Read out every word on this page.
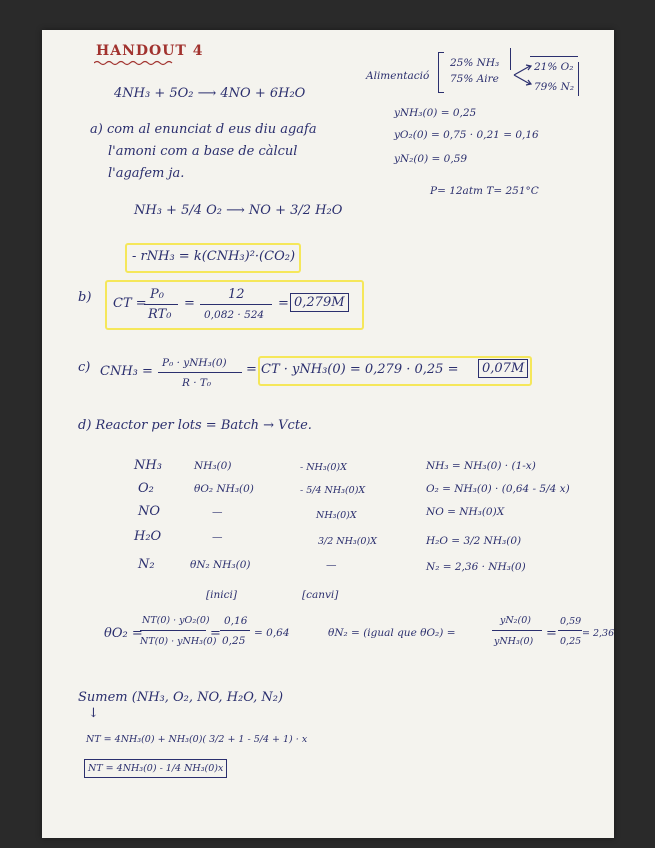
HANDOUT 4
4NH₃ + 5O₂ ⟶ 4NO + 6H₂O
Alimentació
25% NH₃
75% Aire
21% O₂
79% N₂
yNH₃(0) = 0,25
yO₂(0) = 0,75 · 0,21 = 0,16
yN₂(0) = 0,59
P= 12atm T= 251°C
a) com al enunciat d eus diu agafa
l'amoni com a base de càlcul
l'agafem ja.
NH₃ + 5/4 O₂ ⟶ NO + 3/2 H₂O
- rNH₃ = k(CNH₃)²·(CO₂)
b) CT =
P₀
RT₀
=
12
0,082 · 524
= 0,279M
c) CNH₃ =
P₀ · yNH₃(0)
R · T₀
= CT · yNH₃(0) = 0,279 · 0,25 =	0,07M
d) Reactor per lots = Batch → Vcte.
NH₃	NH₃(0)	- NH₃(0)X	NH₃ = NH₃(0) · (1-x)
O₂	θO₂ NH₃(0)	- 5/4 NH₃(0)X	O₂ = NH₃(0) · (0,64 - 5/4 x)
NO	—	NH₃(0)X	NO = NH₃(0)X
H₂O	—	3/2 NH₃(0)X	H₂O = 3/2 NH₃(0)
N₂	θN₂ NH₃(0)	—	N₂ = 2,36 · NH₃(0)
[inici]	[canvi]
θO₂ =
NT(0) · yO₂(0)
NT(0) · yNH₃(0)
=
0,16
0,25
= 0,64	θN₂ = (igual que θO₂) =
yN₂(0)
yNH₃(0)
=
0,59
0,25
= 2,36
Sumem (NH₃, O₂, NO, H₂O, N₂)
↓
NT = 4NH₃(0) + NH₃(0)( 3/2 + 1 - 5/4 + 1) · x
NT = 4NH₃(0) - 1/4 NH₃(0)x
